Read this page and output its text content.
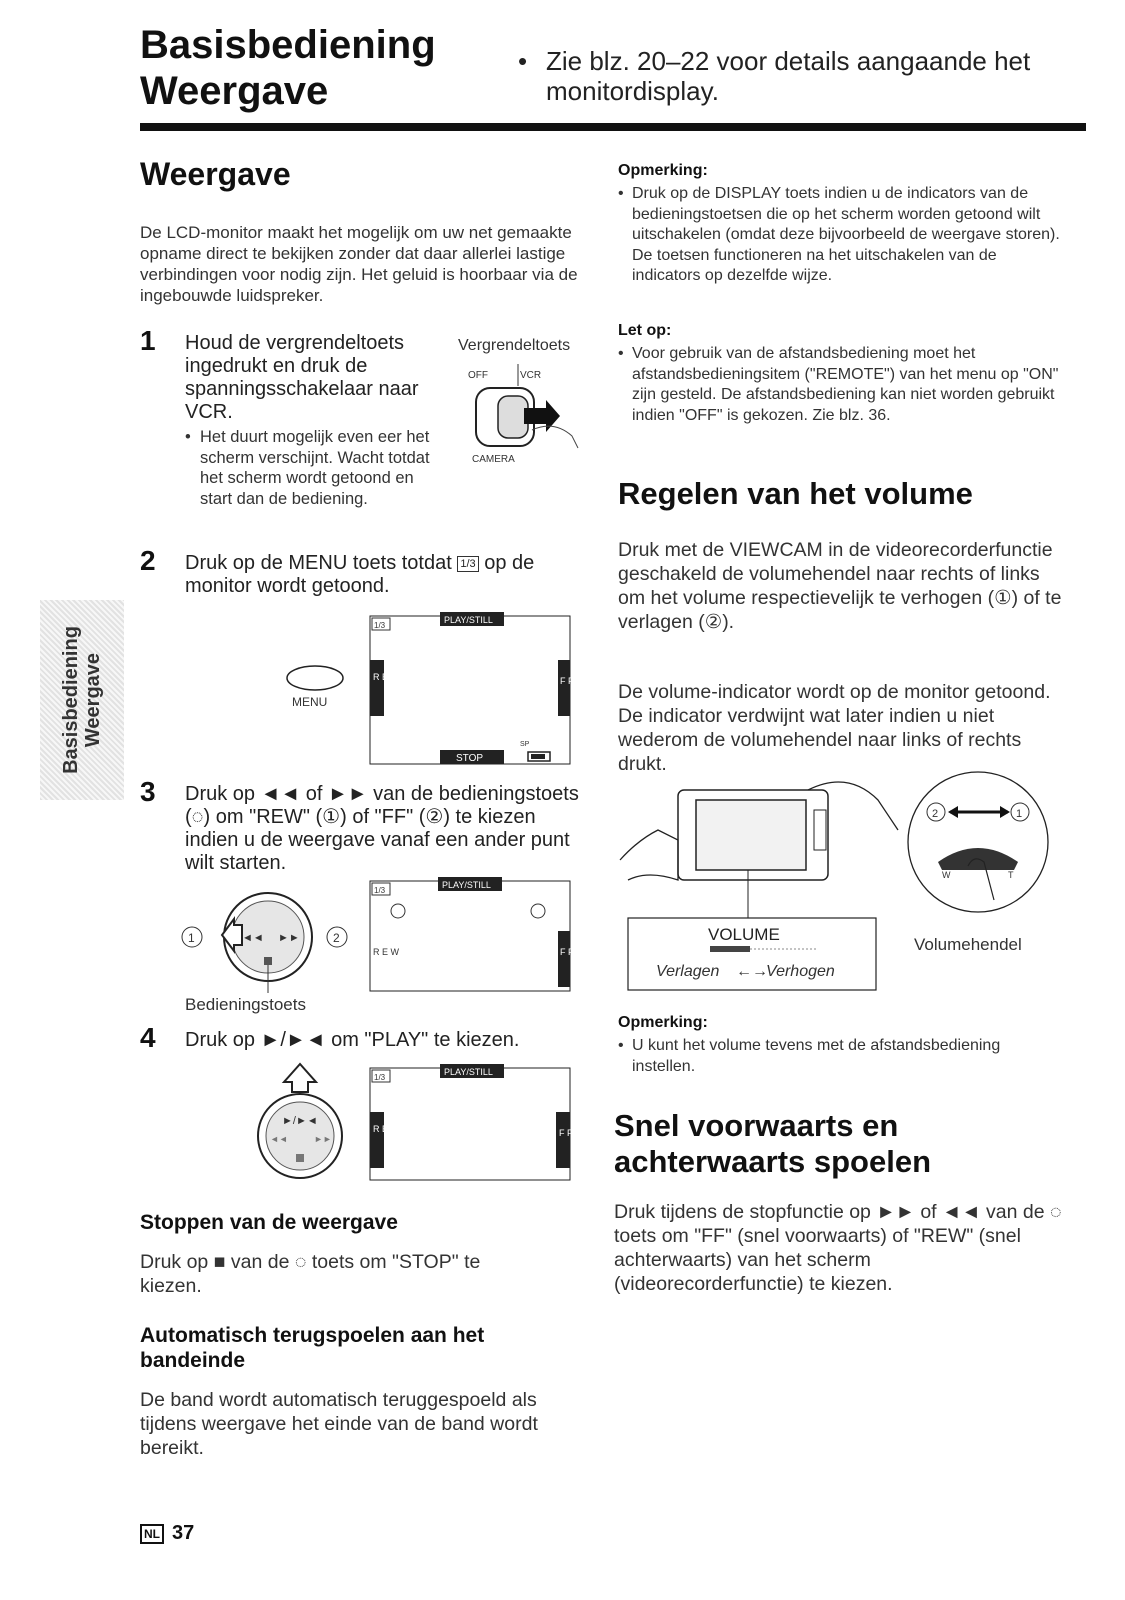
Basisbediening
Weergave
• Zie blz. 20–22 voor details aangaande het monitordisplay.
Basisbediening Weergave
Weergave
De LCD-monitor maakt het mogelijk om uw net gemaakte opname direct te bekijken zonder dat daar allerlei lastige verbindingen voor nodig zijn. Het geluid is hoorbaar via de ingebouwde luidspreker.
1 Houd de vergrendeltoets ingedrukt en druk de spanningsschakelaar naar VCR.
• Het duurt mogelijk even eer het scherm verschijnt. Wacht totdat het scherm wordt getoond en start dan de bediening.
Vergrendeltoets
OFF	VCR
CAMERA
2 Druk op de MENU toets totdat 1/3 op de monitor wordt getoond.
MENU
1/3
PLAY/STILL
R E W	F F
SP
STOP
3 Druk op ◄◄ of ►► van de bedieningstoets (◌) om "REW" (①) of "FF" (②) te kiezen indien u de weergave vanaf een ander punt wilt starten.
1	◄◄ ►►	2
1/3
PLAY/STILL
R E W	F F
Bedieningstoets
4 Druk op ►/►◄ om "PLAY" te kiezen.
►/►◄
◄◄	►►
1/3
PLAY/STILL
R E W	F F
Stoppen van de weergave
Druk op ■ van de ◌ toets om "STOP" te kiezen.
Automatisch terugspoelen aan het bandeinde
De band wordt automatisch teruggespoeld als tijdens weergave het einde van de band wordt bereikt.
Opmerking:
• Druk op de DISPLAY toets indien u de indicators van de bedieningstoetsen die op het scherm worden getoond wilt uitschakelen (omdat deze bijvoorbeeld de weergave storen). De toetsen functioneren na het uitschakelen van de indicators op dezelfde wijze.
Let op:
• Voor gebruik van de afstandsbediening moet het afstandsbedieningsitem ("REMOTE") van het menu op "ON" zijn gesteld. De afstandsbediening kan niet worden gebruikt indien "OFF" is gekozen. Zie blz. 36.
Regelen van het volume
Druk met de VIEWCAM in de videorecorderfunctie geschakeld de volumehendel naar rechts of links om het volume respectievelijk te verhogen (①) of te verlagen (②).
De volume-indicator wordt op de monitor getoond. De indicator verdwijnt wat later indien u niet wederom de volumehendel naar links of rechts drukt.
2	1
W	T
VOLUME
Verlagen ←→
Verhogen
Volumehendel
Opmerking:
• U kunt het volume tevens met de afstandsbediening instellen.
Snel voorwaarts en
achterwaarts spoelen
Druk tijdens de stopfunctie op ►► of ◄◄ van de ◌ toets om "FF" (snel voorwaarts) of "REW" (snel achterwaarts) van het scherm (videorecorderfunctie) te kiezen.
NL 37
